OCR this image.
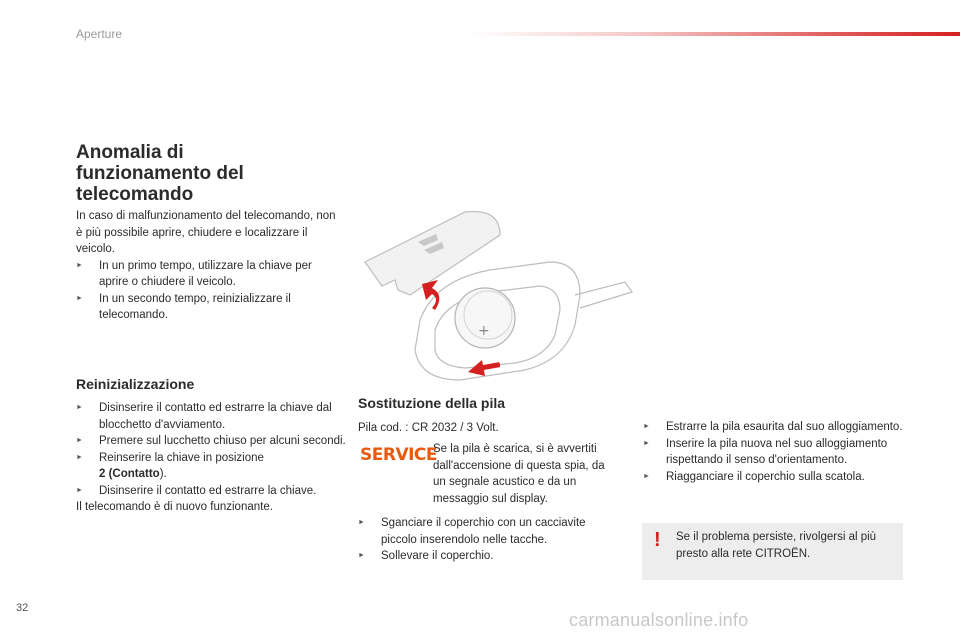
Aperture
Anomalia di
funzionamento del
telecomando

In caso di malfunzionamento del telecomando, non è più possibile aprire, chiudere e localizzare il veicolo.

► In un primo tempo, utilizzare la chiave per aprire o chiudere il veicolo.

► In un secondo tempo, reinizializzare il telecomando.

+
Reinizializzazione

► Disinserire il contatto ed estrarre la chiave dal blocchetto d'avviamento.

► Premere sul lucchetto chiuso per alcuni secondi.

► Reinserire la chiave in posizione
2 (Contatto).

► Disinserire il contatto ed estrarre la chiave.

Il telecomando è di nuovo funzionante.

Sostituzione della pila

Pila cod. : CR 2032 / 3 Volt.

SERVICE

Se la pila è scarica, si è avvertiti dall'accensione di questa spia, da un segnale acustico e da un messaggio sul display.

► Sganciare il coperchio con un cacciavite piccolo inserendolo nelle tacche.

► Sollevare il coperchio.

► Estrarre la pila esaurita dal suo alloggiamento.

► Inserire la pila nuova nel suo alloggiamento rispettando il senso d'orientamento.

► Riagganciare il coperchio sulla scatola.

! Se il problema persiste, rivolgersi al più presto alla rete CITROËN.

32
carmanualsonline.info
